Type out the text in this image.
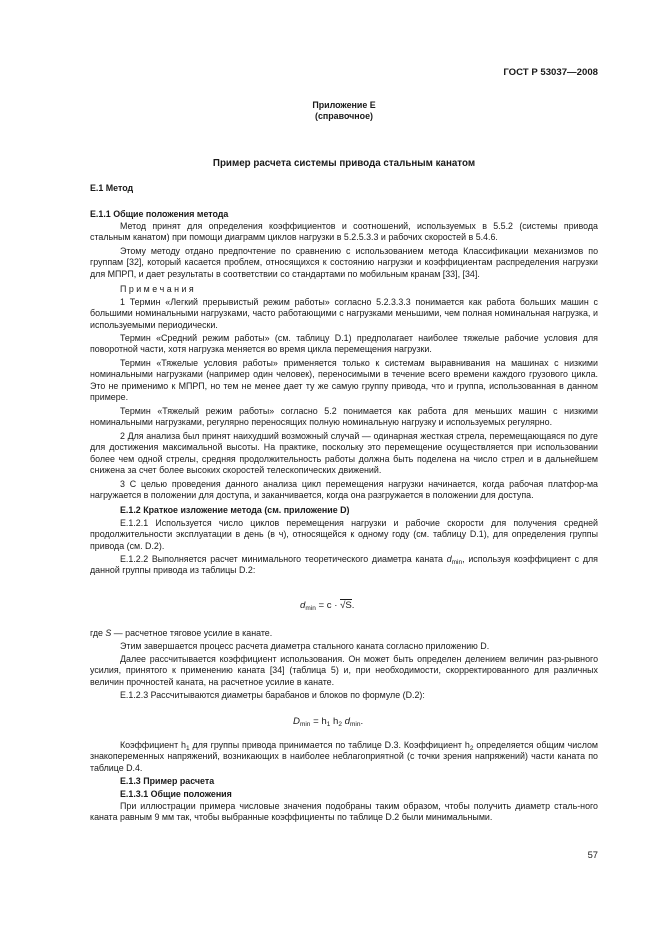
ГОСТ Р 53037—2008
Приложение Е
(справочное)
Пример расчета системы привода стальным канатом
Е.1 Метод
Е.1.1 Общие положения метода
Метод принят для определения коэффициентов и соотношений, используемых в 5.5.2 (системы привода стальным канатом) при помощи диаграмм циклов нагрузки в 5.2.5.3.3 и рабочих скоростей в 5.4.6.
Этому методу отдано предпочтение по сравнению с использованием метода Классификации механизмов по группам [32], который касается проблем, относящихся к состоянию нагрузки и коэффициентам распределения нагрузки для МПРП, и дает результаты в соответствии со стандартами по мобильным кранам [33], [34].
П р и м е ч а н и я
1 Термин «Легкий прерывистый режим работы» согласно 5.2.3.3.3 понимается как работа больших машин с большими номинальными нагрузками, часто работающими с нагрузками меньшими, чем полная номинальная нагрузка, и используемыми периодически.
Термин «Средний режим работы» (см. таблицу D.1) предполагает наиболее тяжелые рабочие условия для поворотной части, хотя нагрузка меняется во время цикла перемещения нагрузки.
Термин «Тяжелые условия работы» применяется только к системам выравнивания на машинах с низкими номинальными нагрузками (например один человек), переносимыми в течение всего времени каждого грузового цикла. Это не применимо к МПРП, но тем не менее дает ту же самую группу привода, что и группа, использованная в данном примере.
Термин «Тяжелый режим работы» согласно 5.2 понимается как работа для меньших машин с низкими номинальными нагрузками, регулярно переносящих полную номинальную нагрузку и используемых регулярно.
2 Для анализа был принят наихудший возможный случай — одинарная жесткая стрела, перемещающаяся по дуге для достижения максимальной высоты. На практике, поскольку это перемещение осуществляется при использовании более чем одной стрелы, средняя продолжительность работы должна быть поделена на число стрел и в дальнейшем снижена за счет более высоких скоростей телескопических движений.
3 С целью проведения данного анализа цикл перемещения нагрузки начинается, когда рабочая платфор-ма нагружается в положении для доступа, и заканчивается, когда она разгружается в положении для доступа.
Е.1.2 Краткое изложение метода (см. приложение D)
Е.1.2.1 Используется число циклов перемещения нагрузки и рабочие скорости для получения средней продолжительности эксплуатации в день (в ч), относящейся к одному году (см. таблицу D.1), для определения группы привода (см. D.2).
Е.1.2.2 Выполняется расчет минимального теоретического диаметра каната $d_{min}$, используя коэффициент с для данной группы привода из таблицы D.2:
$d_{min} = с \cdot √S$.
где S — расчетное тяговое усилие в канате.
Этим завершается процесс расчета диаметра стального каната согласно приложению D.
Далее рассчитывается коэффициент использования. Он может быть определен делением величин раз-рывного усилия, принятого к применению каната [34] (таблица 5) и, при необходимости, скорректированного для различных величин прочностей каната, на расчетное усилие в канате.
Е.1.2.3 Рассчитываются диаметры барабанов и блоков по формуле (D.2):
$D_{min} = h_1$ $h_2$ $d_{min}$.
Коэффициент $h_1$ для группы привода принимается по таблице D.3. Коэффициент $h_2$ определяется общим числом знакопеременных напряжений, возникающих в наиболее неблагоприятной (с точки зрения напряжений) части каната по таблице D.4.
Е.1.3 Пример расчета
Е.1.3.1 Общие положения
При иллюстрации примера числовые значения подобраны таким образом, чтобы получить диаметр сталь-ного каната равным 9 мм так, чтобы выбранные коэффициенты по таблице D.2 были минимальными.
57
